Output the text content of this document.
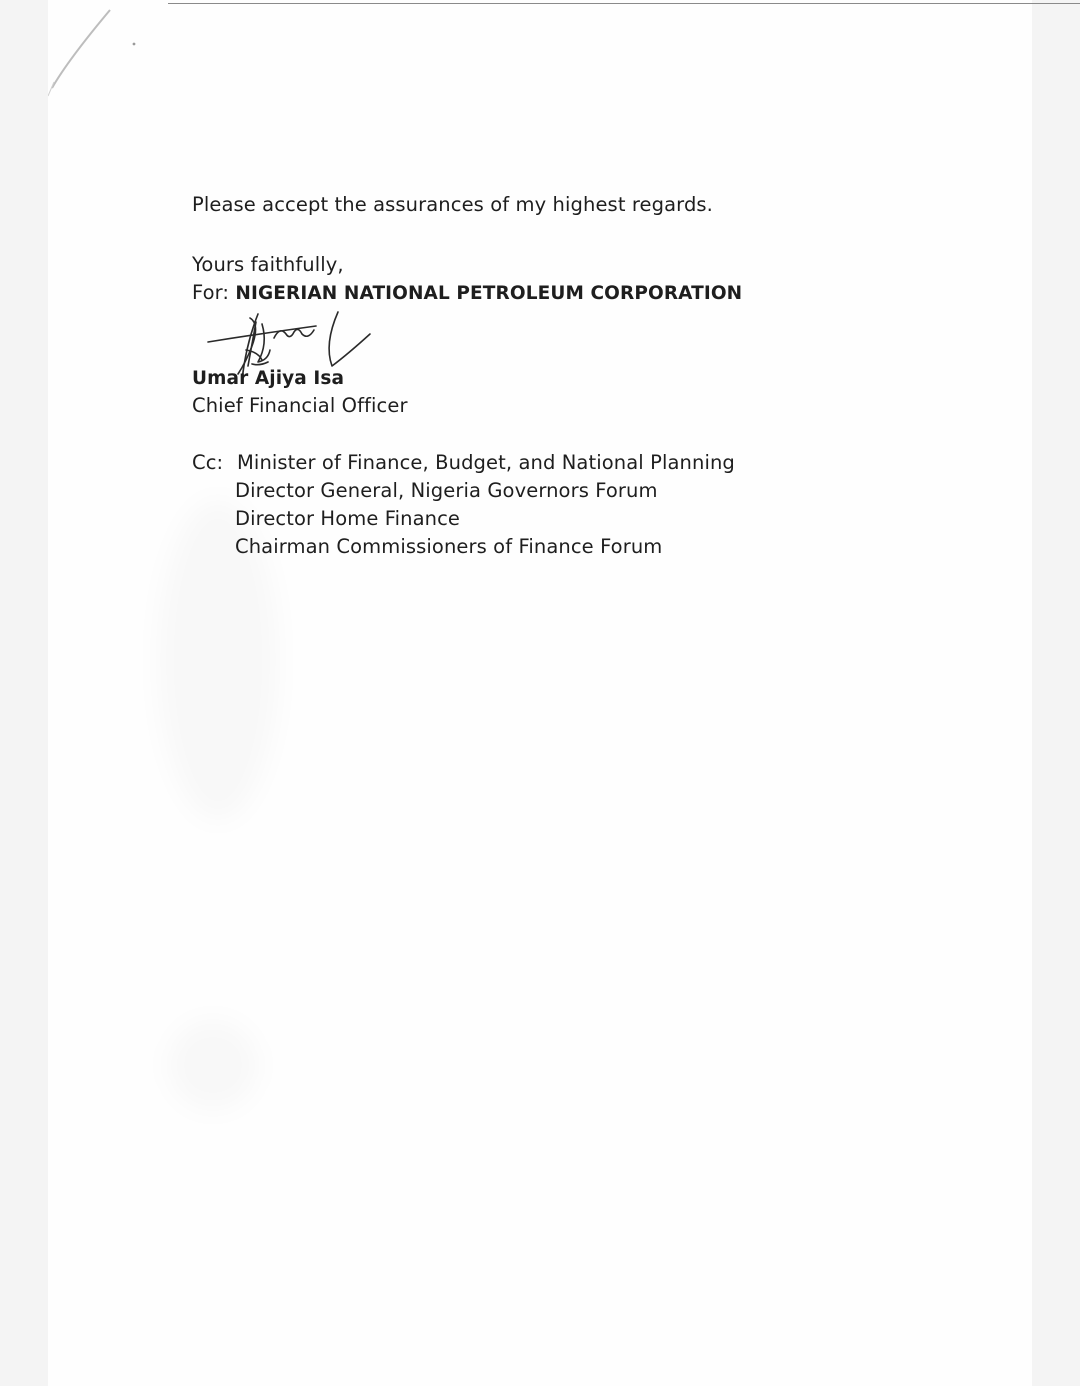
Please accept the assurances of my highest regards.
Yours faithfully,
For: NIGERIAN NATIONAL PETROLEUM CORPORATION
Umar Ajiya Isa
Chief Financial Officer
Cc: Minister of Finance, Budget, and National Planning
Director General, Nigeria Governors Forum
Director Home Finance
Chairman Commissioners of Finance Forum
